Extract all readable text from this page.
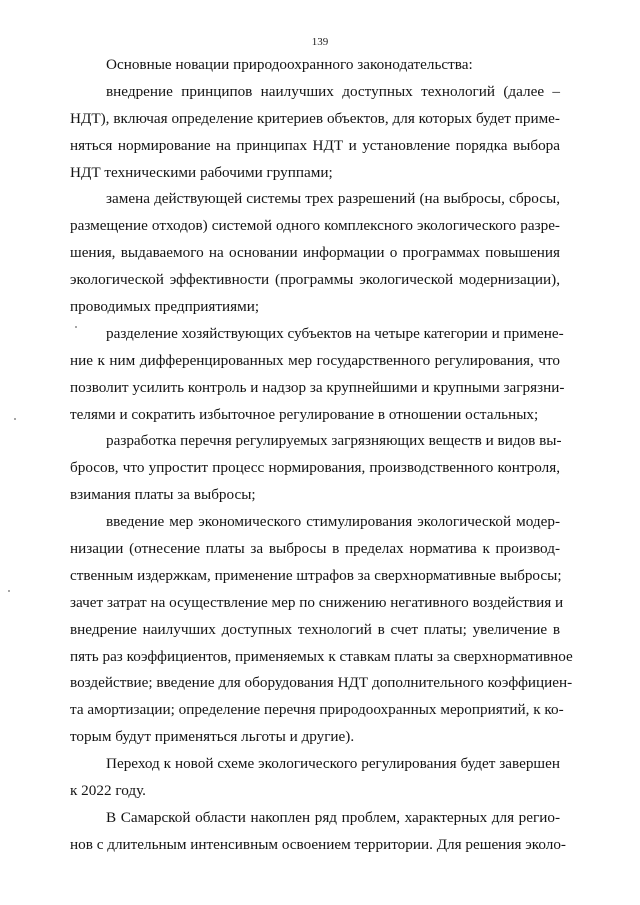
139
Основные новации природоохранного законодательства:
внедрение принципов наилучших доступных технологий (далее –
НДТ), включая определение критериев объектов, для которых будет приме-
няться нормирование на принципах НДТ и установление порядка выбора
НДТ техническими рабочими группами;
замена действующей системы трех разрешений (на выбросы, сбросы,
размещение отходов) системой одного комплексного экологического разре-
шения, выдаваемого на основании информации о программах повышения
экологической эффективности (программы экологической модернизации),
проводимых предприятиями;
разделение хозяйствующих субъектов на четыре категории и примене-
ние к ним дифференцированных мер государственного регулирования, что
позволит усилить контроль и надзор за крупнейшими и крупными загрязни-
телями и сократить избыточное регулирование в отношении остальных;
разработка перечня регулируемых загрязняющих веществ и видов вы-
бросов, что упростит процесс нормирования, производственного контроля,
взимания платы за выбросы;
введение мер экономического стимулирования экологической модер-
низации (отнесение платы за выбросы в пределах норматива к производ-
ственным издержкам, применение штрафов за сверхнормативные выбросы;
зачет затрат на осуществление мер по снижению негативного воздействия и
внедрение наилучших доступных технологий в счет платы; увеличение в
пять раз коэффициентов, применяемых к ставкам платы за сверхнормативное
воздействие; введение для оборудования НДТ дополнительного коэффициен-
та амортизации; определение перечня природоохранных мероприятий, к ко-
торым будут применяться льготы и другие).
Переход к новой схеме экологического регулирования будет завершен
к 2022 году.
В Самарской области накоплен ряд проблем, характерных для регио-
нов с длительным интенсивным освоением территории. Для решения эколо-
